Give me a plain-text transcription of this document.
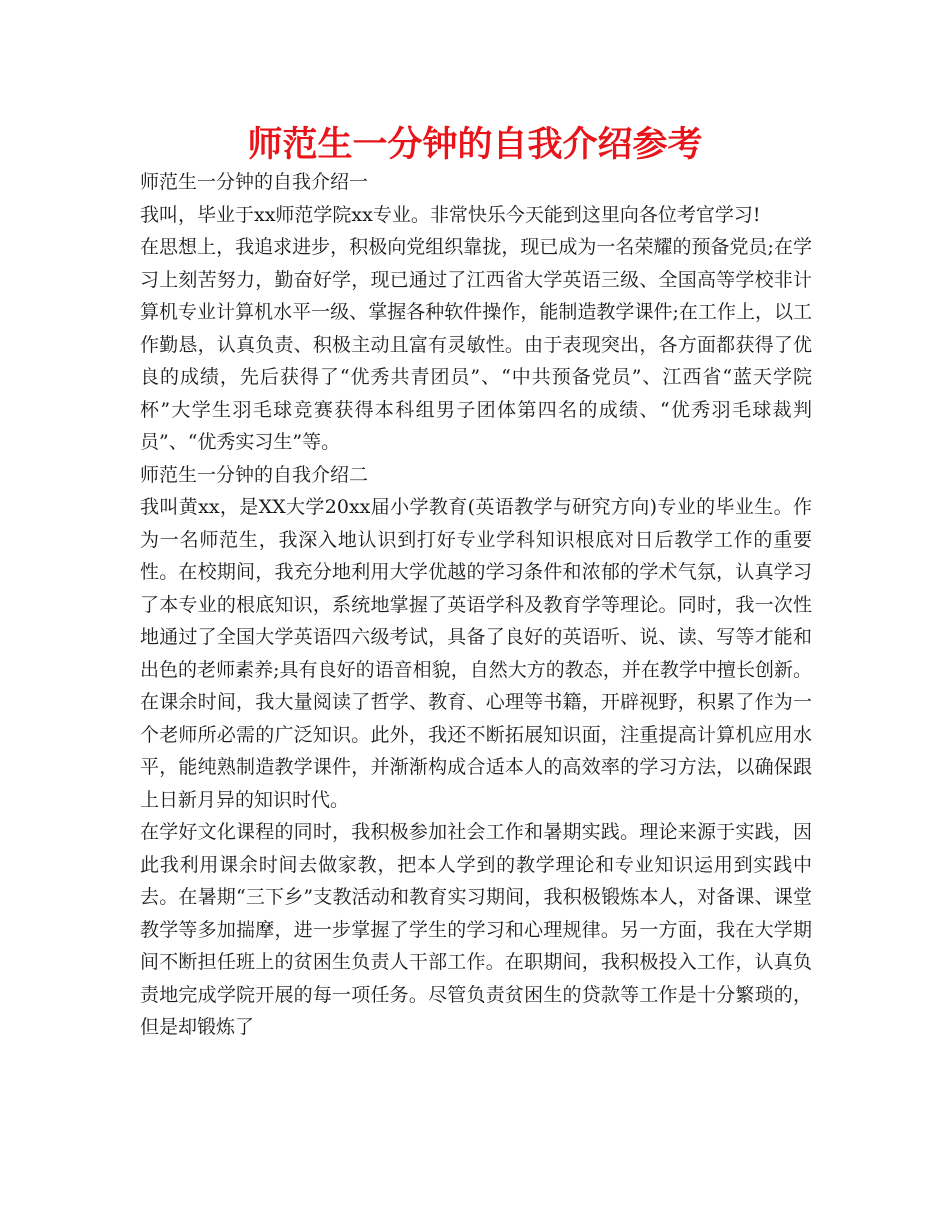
师范生一分钟的自我介绍参考

师范生一分钟的自我介绍一

我叫，毕业于xx师范学院xx专业。非常快乐今天能到这里向各位考官学习!

在思想上，我追求进步，积极向党组织靠拢，现已成为一名荣耀的预备党员;在学习上刻苦努力，勤奋好学，现已通过了江西省大学英语三级、全国高等学校非计算机专业计算机水平一级、掌握各种软件操作，能制造教学课件;在工作上，以工作勤恳，认真负责、积极主动且富有灵敏性。由于表现突出，各方面都获得了优良的成绩，先后获得了“优秀共青团员”、“中共预备党员”、江西省“蓝天学院杯”大学生羽毛球竞赛获得本科组男子团体第四名的成绩、“优秀羽毛球裁判员”、“优秀实习生”等。

师范生一分钟的自我介绍二

我叫黄xx，是XX大学20xx届小学教育(英语教学与研究方向)专业的毕业生。作为一名师范生，我深入地认识到打好专业学科知识根底对日后教学工作的重要性。在校期间，我充分地利用大学优越的学习条件和浓郁的学术气氛，认真学习了本专业的根底知识，系统地掌握了英语学科及教育学等理论。同时，我一次性地通过了全国大学英语四六级考试，具备了良好的英语听、说、读、写等才能和出色的老师素养;具有良好的语音相貌，自然大方的教态，并在教学中擅长创新。在课余时间，我大量阅读了哲学、教育、心理等书籍，开辟视野，积累了作为一个老师所必需的广泛知识。此外，我还不断拓展知识面，注重提高计算机应用水平，能纯熟制造教学课件，并渐渐构成合适本人的高效率的学习方法，以确保跟上日新月异的知识时代。

在学好文化课程的同时，我积极参加社会工作和暑期实践。理论来源于实践，因此我利用课余时间去做家教，把本人学到的教学理论和专业知识运用到实践中去。在暑期“三下乡”支教活动和教育实习期间，我积极锻炼本人，对备课、课堂教学等多加揣摩，进一步掌握了学生的学习和心理规律。另一方面，我在大学期间不断担任班上的贫困生负责人干部工作。在职期间，我积极投入工作，认真负责地完成学院开展的每一项任务。尽管负责贫困生的贷款等工作是十分繁琐的，但是却锻炼了
